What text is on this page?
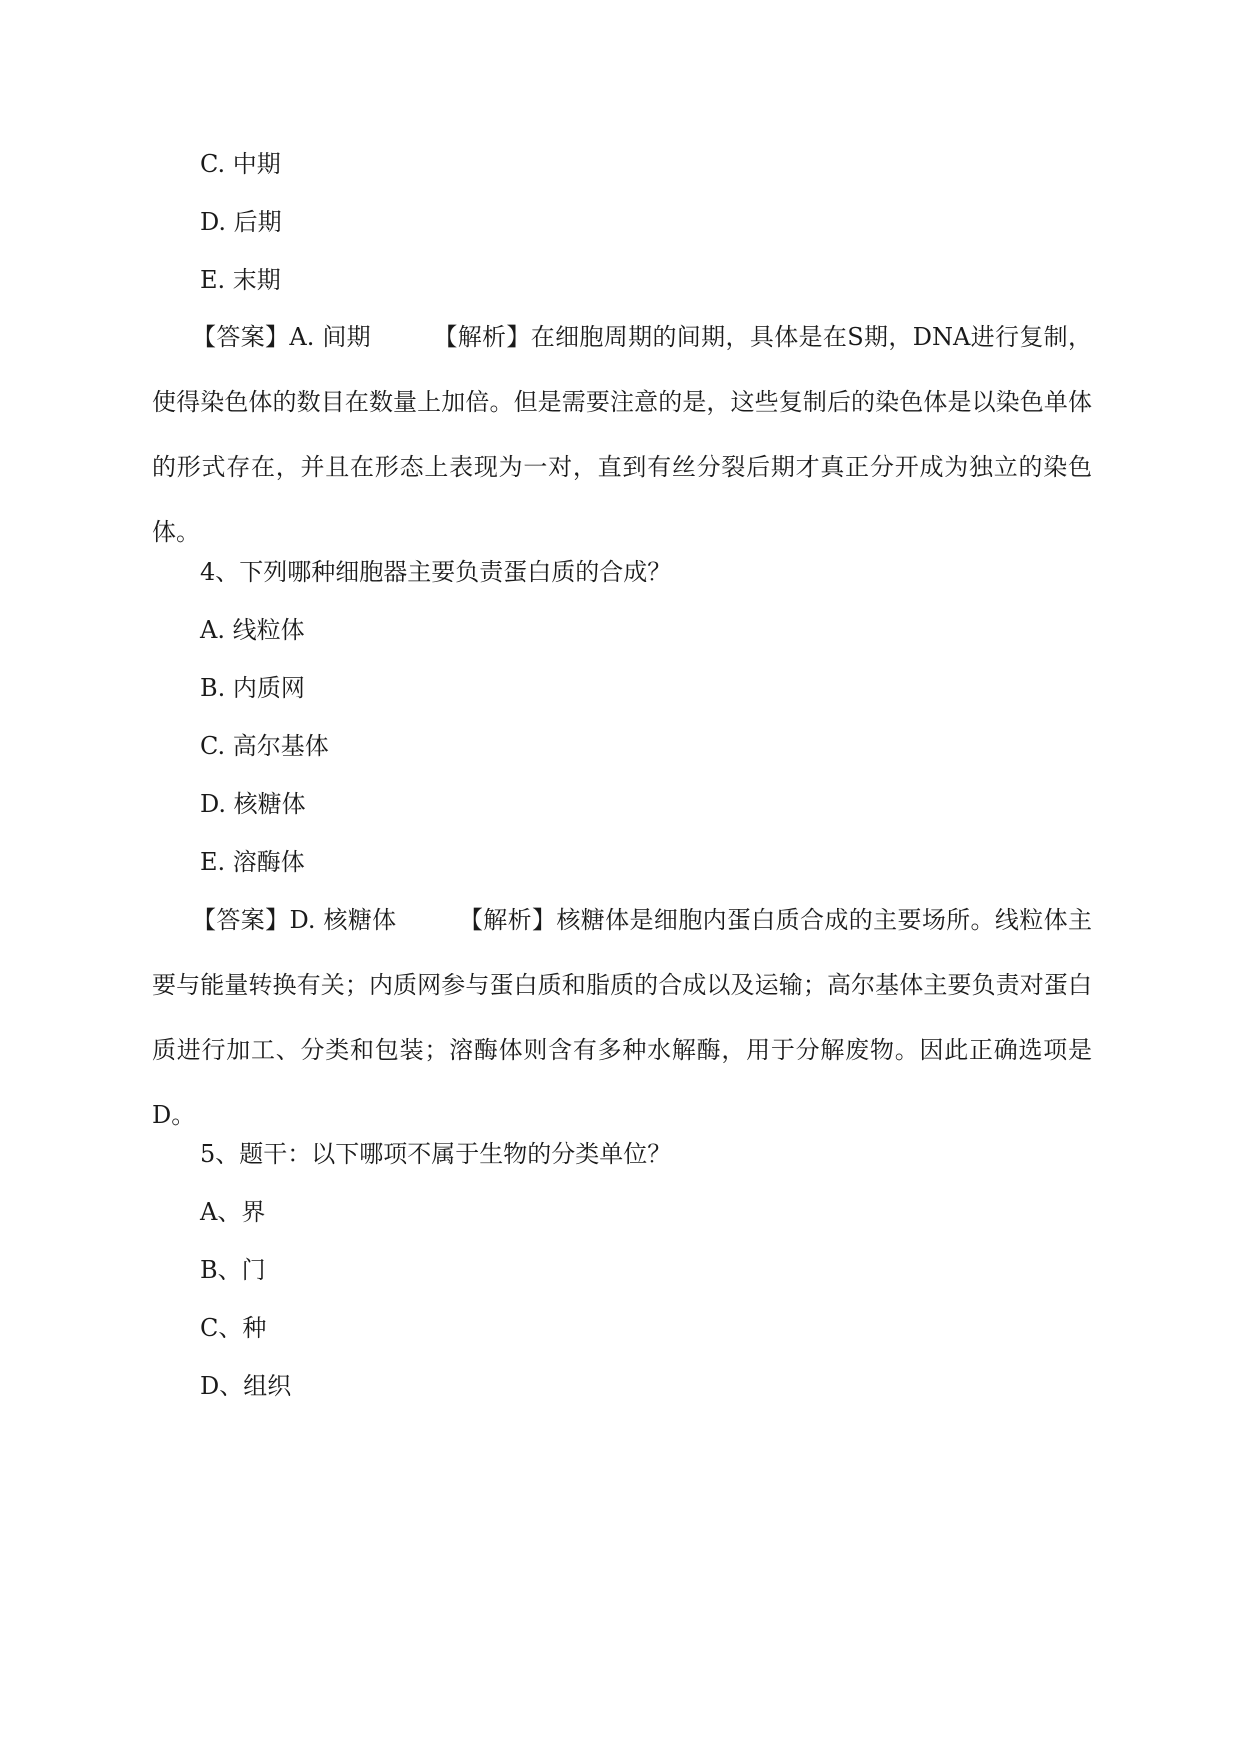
C. 中期
D. 后期
E. 末期
【答案】A. 间期	【解析】在细胞周期的间期，具体是在S期，DNA进行复制，使得染色体的数目在数量上加倍。但是需要注意的是，这些复制后的染色体是以染色单体的形式存在，并且在形态上表现为一对，直到有丝分裂后期才真正分开成为独立的染色体。
4、下列哪种细胞器主要负责蛋白质的合成？
A. 线粒体
B. 内质网
C. 高尔基体
D. 核糖体
E. 溶酶体
【答案】D. 核糖体	【解析】核糖体是细胞内蛋白质合成的主要场所。线粒体主要与能量转换有关；内质网参与蛋白质和脂质的合成以及运输；高尔基体主要负责对蛋白质进行加工、分类和包装；溶酶体则含有多种水解酶，用于分解废物。因此正确选项是D。
5、题干：以下哪项不属于生物的分类单位？
A、界
B、门
C、种
D、组织
